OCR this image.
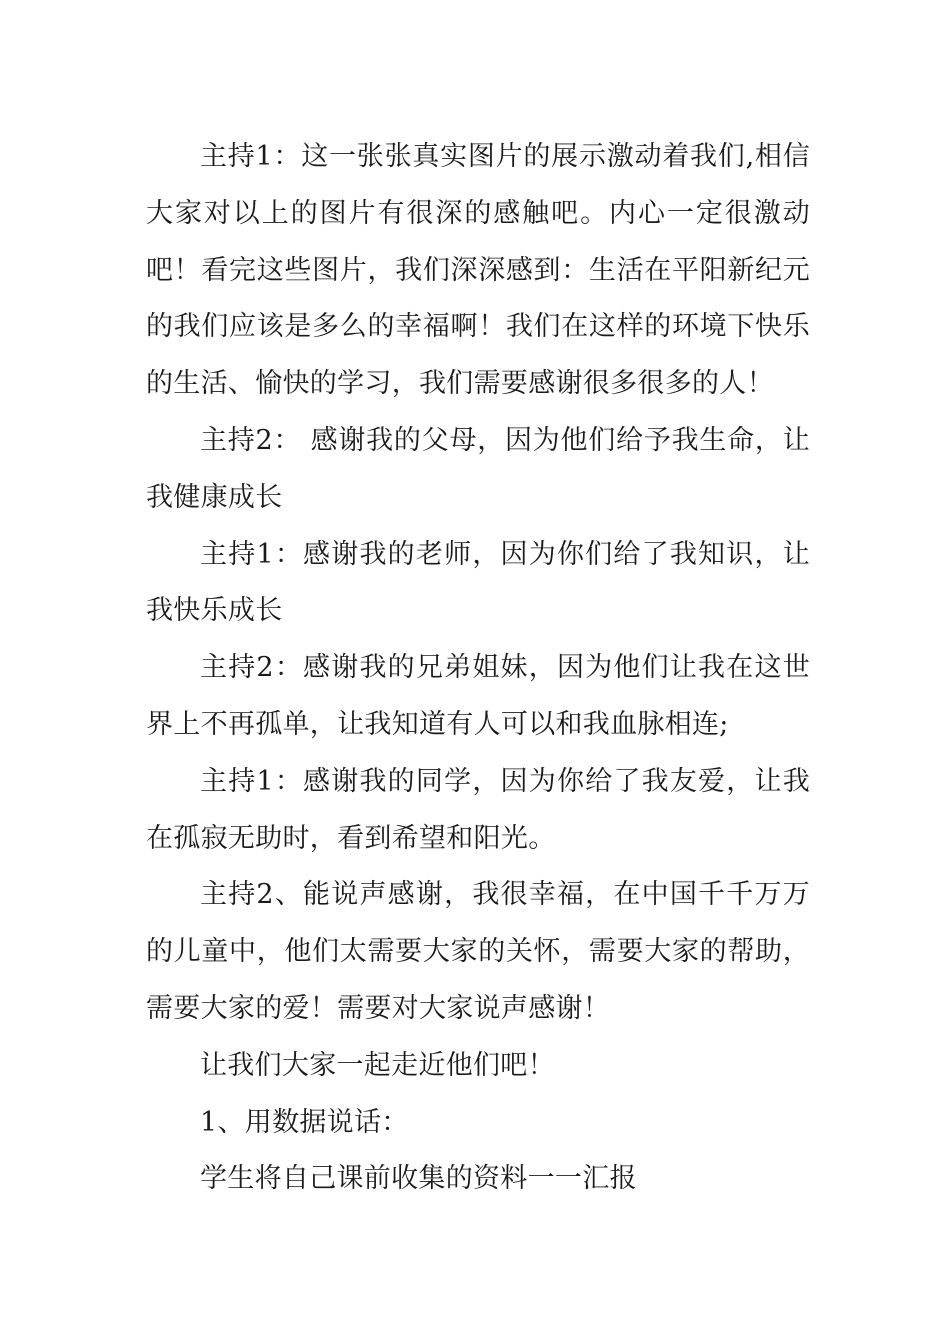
主持1：这一张张真实图片的展示激动着我们,相信大家对以上的图片有很深的感触吧。内心一定很激动吧！看完这些图片，我们深深感到：生活在平阳新纪元的我们应该是多么的幸福啊！我们在这样的环境下快乐的生活、愉快的学习，我们需要感谢很多很多的人！

主持2： 感谢我的父母，因为他们给予我生命，让我健康成长

主持1：感谢我的老师，因为你们给了我知识，让我快乐成长

主持2：感谢我的兄弟姐妹，因为他们让我在这世界上不再孤单，让我知道有人可以和我血脉相连;

主持1：感谢我的同学，因为你给了我友爱，让我在孤寂无助时，看到希望和阳光。

主持2、能说声感谢，我很幸福，在中国千千万万的儿童中，他们太需要大家的关怀，需要大家的帮助，需要大家的爱！需要对大家说声感谢！

让我们大家一起走近他们吧！

1、用数据说话：

学生将自己课前收集的资料一一汇报
